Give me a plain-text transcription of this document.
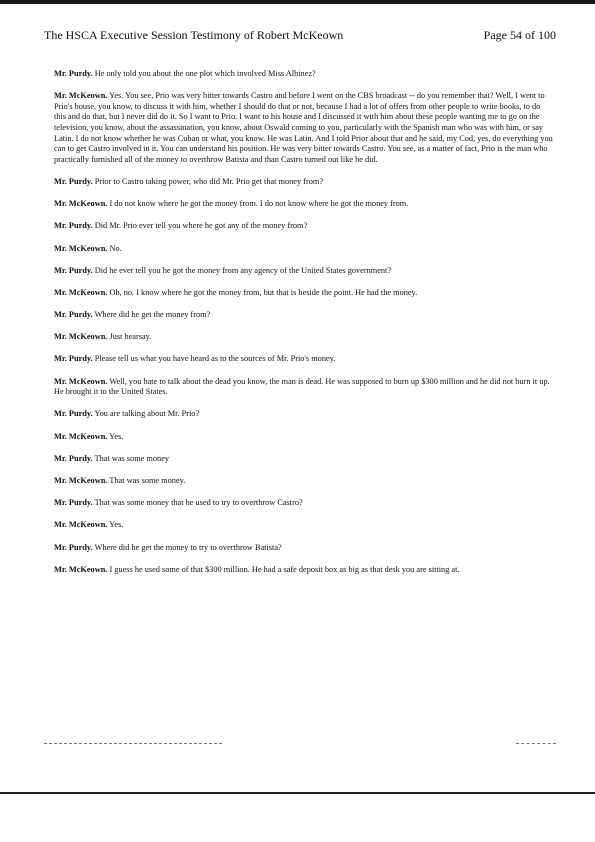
The HSCA Executive Session Testimony of Robert McKeown	Page 54 of 100

Mr. Purdy. He only told you about the one plot which involved Miss Albinez?

Mr. McKeown. Yes. You see, Prio was very bitter towards Castro and before I went on the CBS broadcast -- do you remember that? Well, I went to Prio's house, you know, to discuss it with him, whether I should do that or not, because I had a lot of offers from other people to write books, to do this and do that, but I never did do it. So I want to Prio. I want to his house and I discussed it with him about these people wanting me to go on the television, you know, about the assassination, you know, about Oswald coming to you, particularly with the Spanish man who was with him, or say Latin. I do not know whether he was Cuban or what, you know. He was Latin. And I told Prior about that and he said, my Cod, yes, do everything you can to get Castro involved in it. You can understand his position. He was very bitter towards Castro. You see, as a matter of fact, Prio is the man who practically furnished all of the money to overthrow Batista and than Castro turned out like he did.

Mr. Purdy. Prior to Castro taking power, who did Mr. Prio get that money from?

Mr. McKeown. I do not know where he got the money from. I do not know where he got the money from.

Mr. Purdy. Did Mr. Prio ever tell you where he got any of the money from?

Mr. McKeown. No.

Mr. Purdy. Did he ever tell you he got the money from any agency of the United States government?

Mr. McKeown. Oh, no. I know where he got the money from, but that is beside the point. He had the money.

Mr. Purdy. Where did he get the money from?

Mr. McKeown. Just hearsay.

Mr. Purdy. Please tell us what you have heard as to the sources of Mr. Prio's money.

Mr. McKeown. Well, you hate to talk about the dead you know, the man is dead. He was supposed to burn up $300 million and he did not burn it up. He brought it to the United States.

Mr. Purdy. You are talking about Mr. Prio?

Mr. McKeown. Yes.

Mr. Purdy. That was some money

Mr. McKeown. That was some money.

Mr. Purdy. That was some money that he used to try to overthrow Castro?

Mr. McKeown. Yes.

Mr. Purdy. Where did he get the money to try to overthrow Batista?

Mr. McKeown. I guess he used some of that $300 million. He had a safe deposit box as big as that desk you are sitting at.
